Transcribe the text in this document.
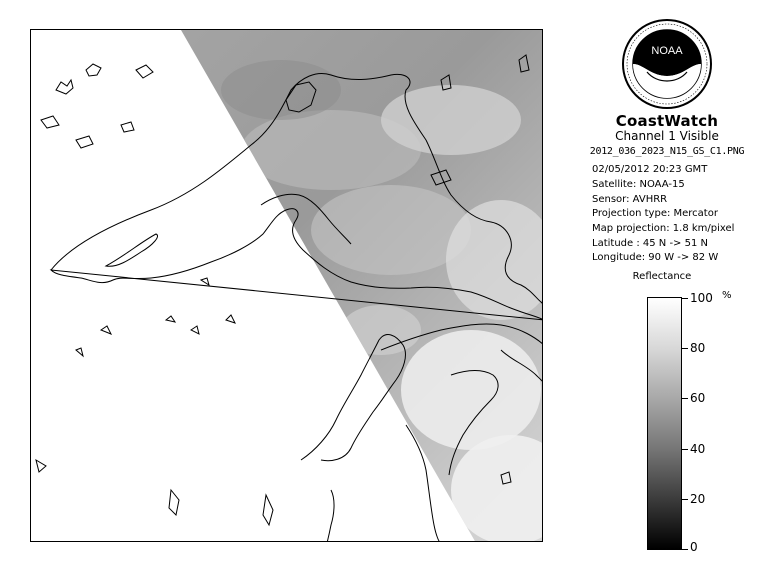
NOAA
CoastWatch
Channel 1 Visible
2012_036_2023_N15_GS_C1.PNG
02/05/2012 20:23 GMT
Satellite: NOAA-15
Sensor: AVHRR
Projection type: Mercator
Map projection: 1.8 km/pixel
Latitude : 45 N -> 51 N
Longitude: 90 W -> 82 W
Reflectance
%
100
80
60
40
20
0
